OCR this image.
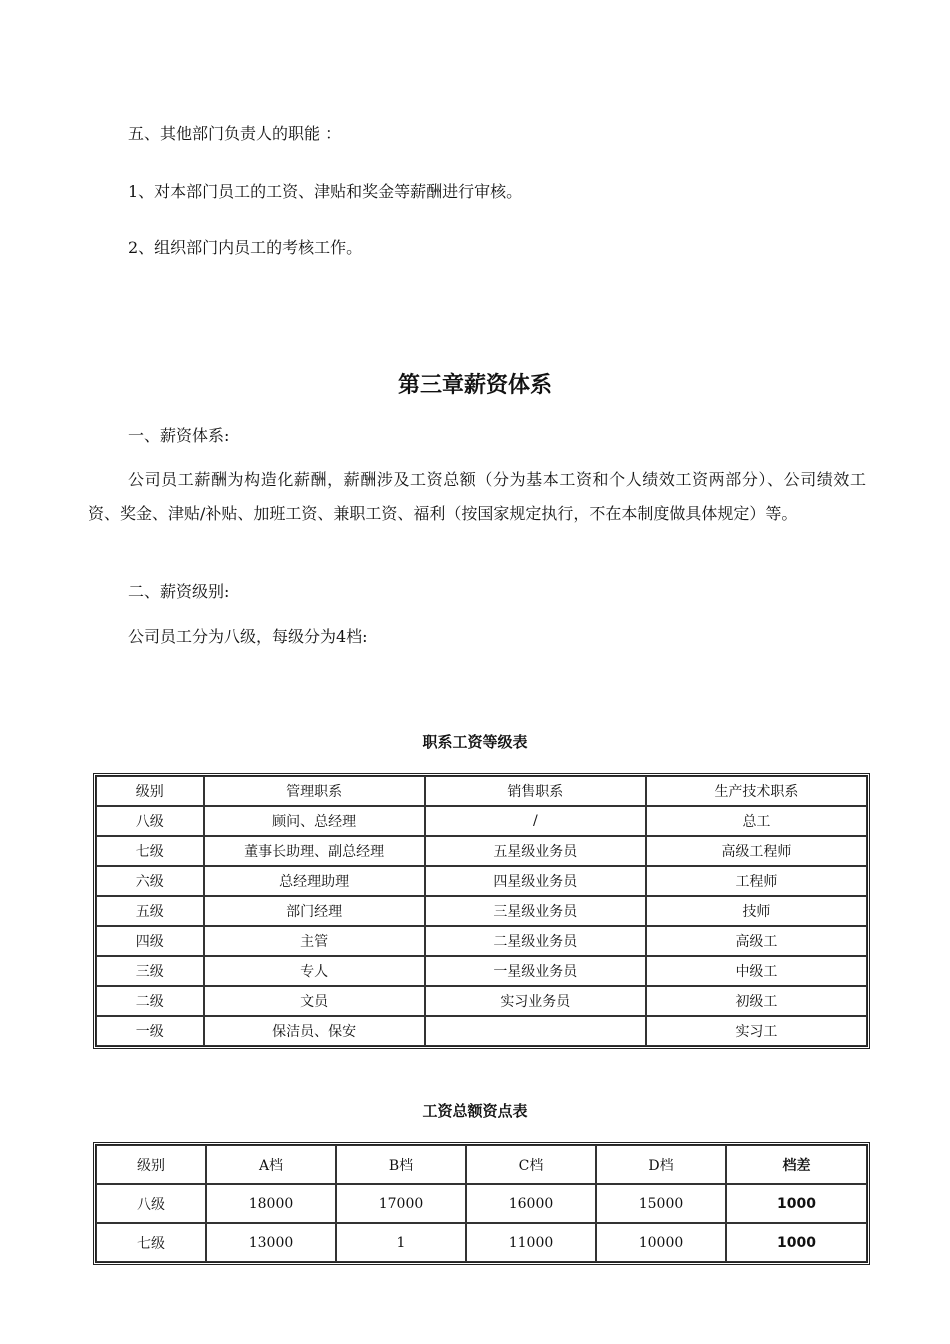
五、其他部门负责人的职能 ：
1、对本部门员工的工资、津贴和奖金等薪酬进行审核。
2、组织部门内员工的考核工作。
第三章薪资体系
一、薪资体系:
公司员工薪酬为构造化薪酬，薪酬涉及工资总额（分为基本工资和个人绩效工资两部分）、公司绩效工资、奖金、津贴/补贴、加班工资、兼职工资、福利（按国家规定执行，不在本制度做具体规定）等。
二、薪资级别:
公司员工分为八级，每级分为4档:
职系工资等级表
级别	管理职系	销售职系	生产技术职系
八级	顾问、总经理	/	总工
七级	董事长助理、副总经理	五星级业务员	高级工程师
六级	总经理助理	四星级业务员	工程师
五级	部门经理	三星级业务员	技师
四级	主管	二星级业务员	高级工
三级	专人	一星级业务员	中级工
二级	文员	实习业务员	初级工
一级	保洁员、保安		实习工
工资总额资点表
级别	A档	B档	C档	D档	档差
八级	18000	17000	16000	15000	1000
七级	13000	1	11000	10000	1000
